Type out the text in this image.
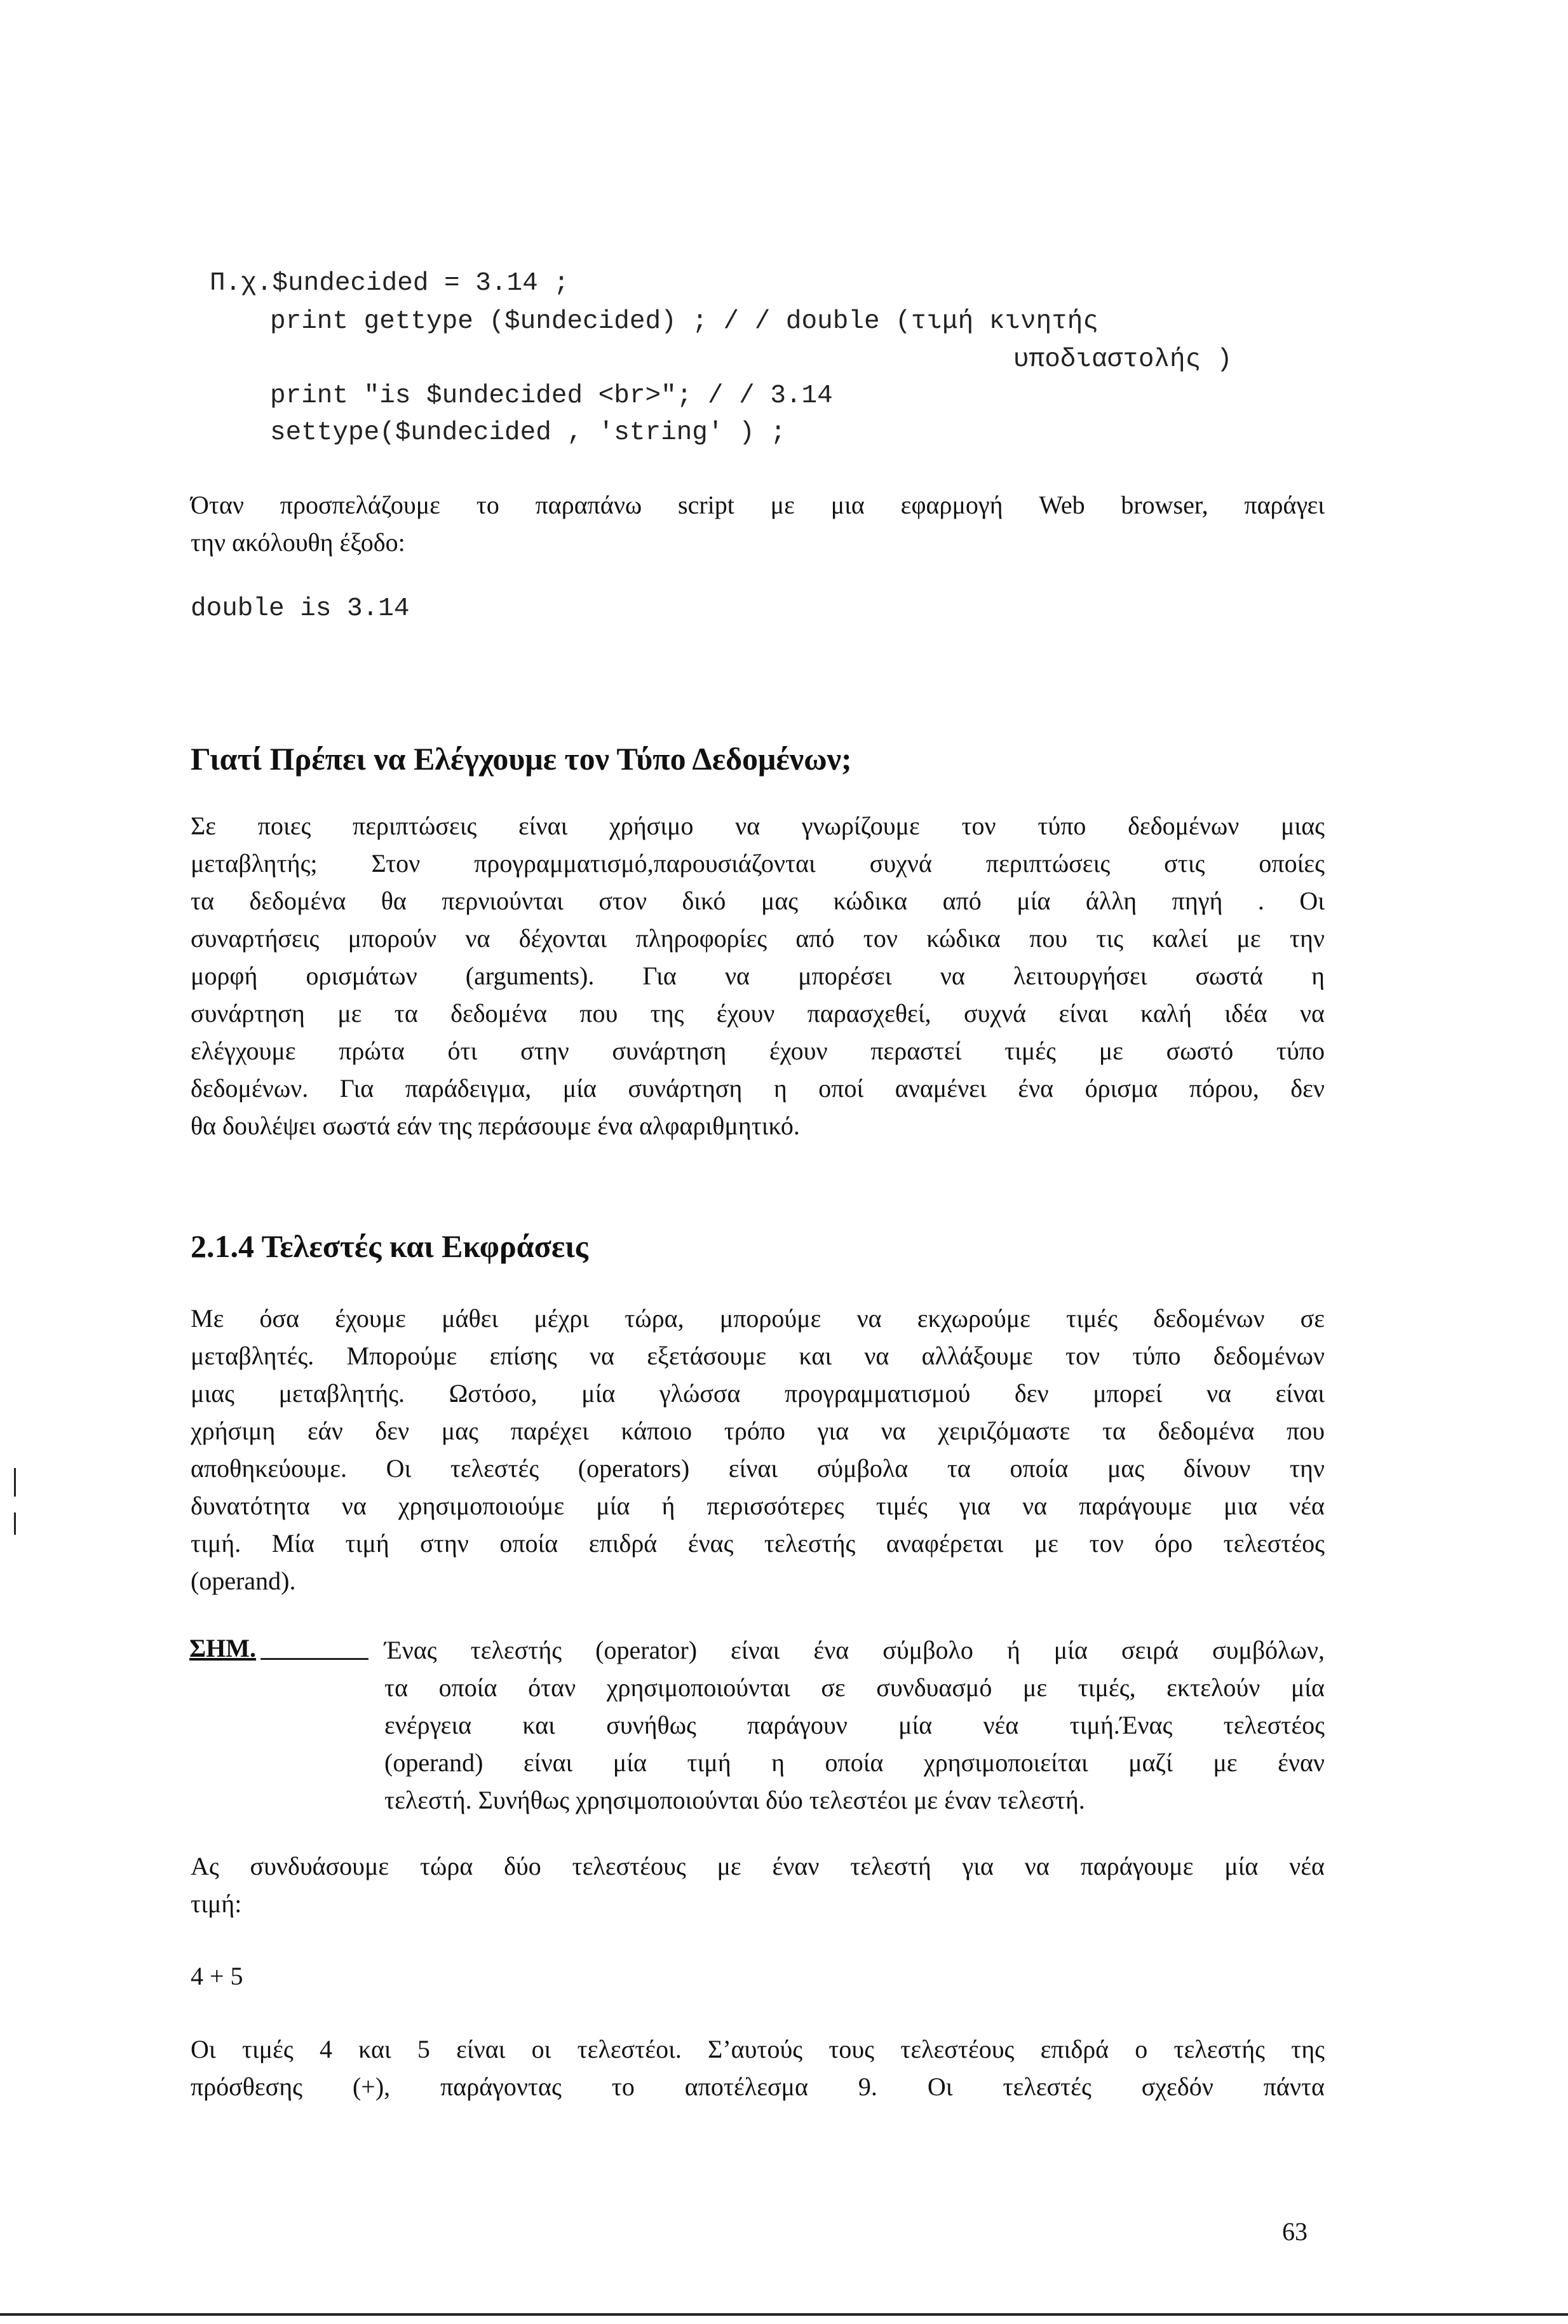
Π.χ.$undecided = 3.14 ;
print gettype ($undecided) ; / / double (τιμή κινητής
υποδιαστολής )
print "is $undecided <br>"; / / 3.14
settype($undecided , 'string' ) ;
Όταν προσπελάζουμε το παραπάνω script με μια εφαρμογή Web browser, παράγει
την ακόλουθη έξοδο:
double is 3.14
Γιατί Πρέπει να Ελέγχουμε τον Τύπο Δεδομένων;
Σε ποιες περιπτώσεις είναι χρήσιμο να γνωρίζουμε τον τύπο δεδομένων μιας
μεταβλητής; Στον προγραμματισμό,παρουσιάζονται συχνά περιπτώσεις στις οποίες
τα δεδομένα θα περνιούνται στον δικό μας κώδικα από μία άλλη πηγή . Οι
συναρτήσεις μπορούν να δέχονται πληροφορίες από τον κώδικα που τις καλεί με την
μορφή ορισμάτων (arguments). Για να μπορέσει να λειτουργήσει σωστά η
συνάρτηση με τα δεδομένα που της έχουν παρασχεθεί, συχνά είναι καλή ιδέα να
ελέγχουμε πρώτα ότι στην συνάρτηση έχουν περαστεί τιμές με σωστό τύπο
δεδομένων. Για παράδειγμα, μία συνάρτηση η οποί αναμένει ένα όρισμα πόρου, δεν
θα δουλέψει σωστά εάν της περάσουμε ένα αλφαριθμητικό.
2.1.4 Τελεστές και Εκφράσεις
Με όσα έχουμε μάθει μέχρι τώρα, μπορούμε να εκχωρούμε τιμές δεδομένων σε
μεταβλητές. Μπορούμε επίσης να εξετάσουμε και να αλλάξουμε τον τύπο δεδομένων
μιας μεταβλητής. Ωστόσο, μία γλώσσα προγραμματισμού δεν μπορεί να είναι
χρήσιμη εάν δεν μας παρέχει κάποιο τρόπο για να χειριζόμαστε τα δεδομένα που
αποθηκεύουμε. Οι τελεστές (operators) είναι σύμβολα τα οποία μας δίνουν την
δυνατότητα να χρησιμοποιούμε μία ή περισσότερες τιμές για να παράγουμε μια νέα
τιμή. Μία τιμή στην οποία επιδρά ένας τελεστής αναφέρεται με τον όρο τελεστέος
(operand).
ΣΗΜ.	Ένας τελεστής (operator) είναι ένα σύμβολο ή μία σειρά συμβόλων,
τα οποία όταν χρησιμοποιούνται σε συνδυασμό με τιμές, εκτελούν μία
ενέργεια και συνήθως παράγουν μία νέα τιμή.Ένας τελεστέος
(operand) είναι μία τιμή η οποία χρησιμοποιείται μαζί με έναν
τελεστή. Συνήθως χρησιμοποιούνται δύο τελεστέοι με έναν τελεστή.
Ας συνδυάσουμε τώρα δύο τελεστέους με έναν τελεστή για να παράγουμε μία νέα
τιμή:
4 + 5
Οι τιμές 4 και 5 είναι οι τελεστέοι. Σ’αυτούς τους τελεστέους επιδρά ο τελεστής της
πρόσθεσης (+), παράγοντας το αποτέλεσμα 9. Οι τελεστές σχεδόν πάντα
63
